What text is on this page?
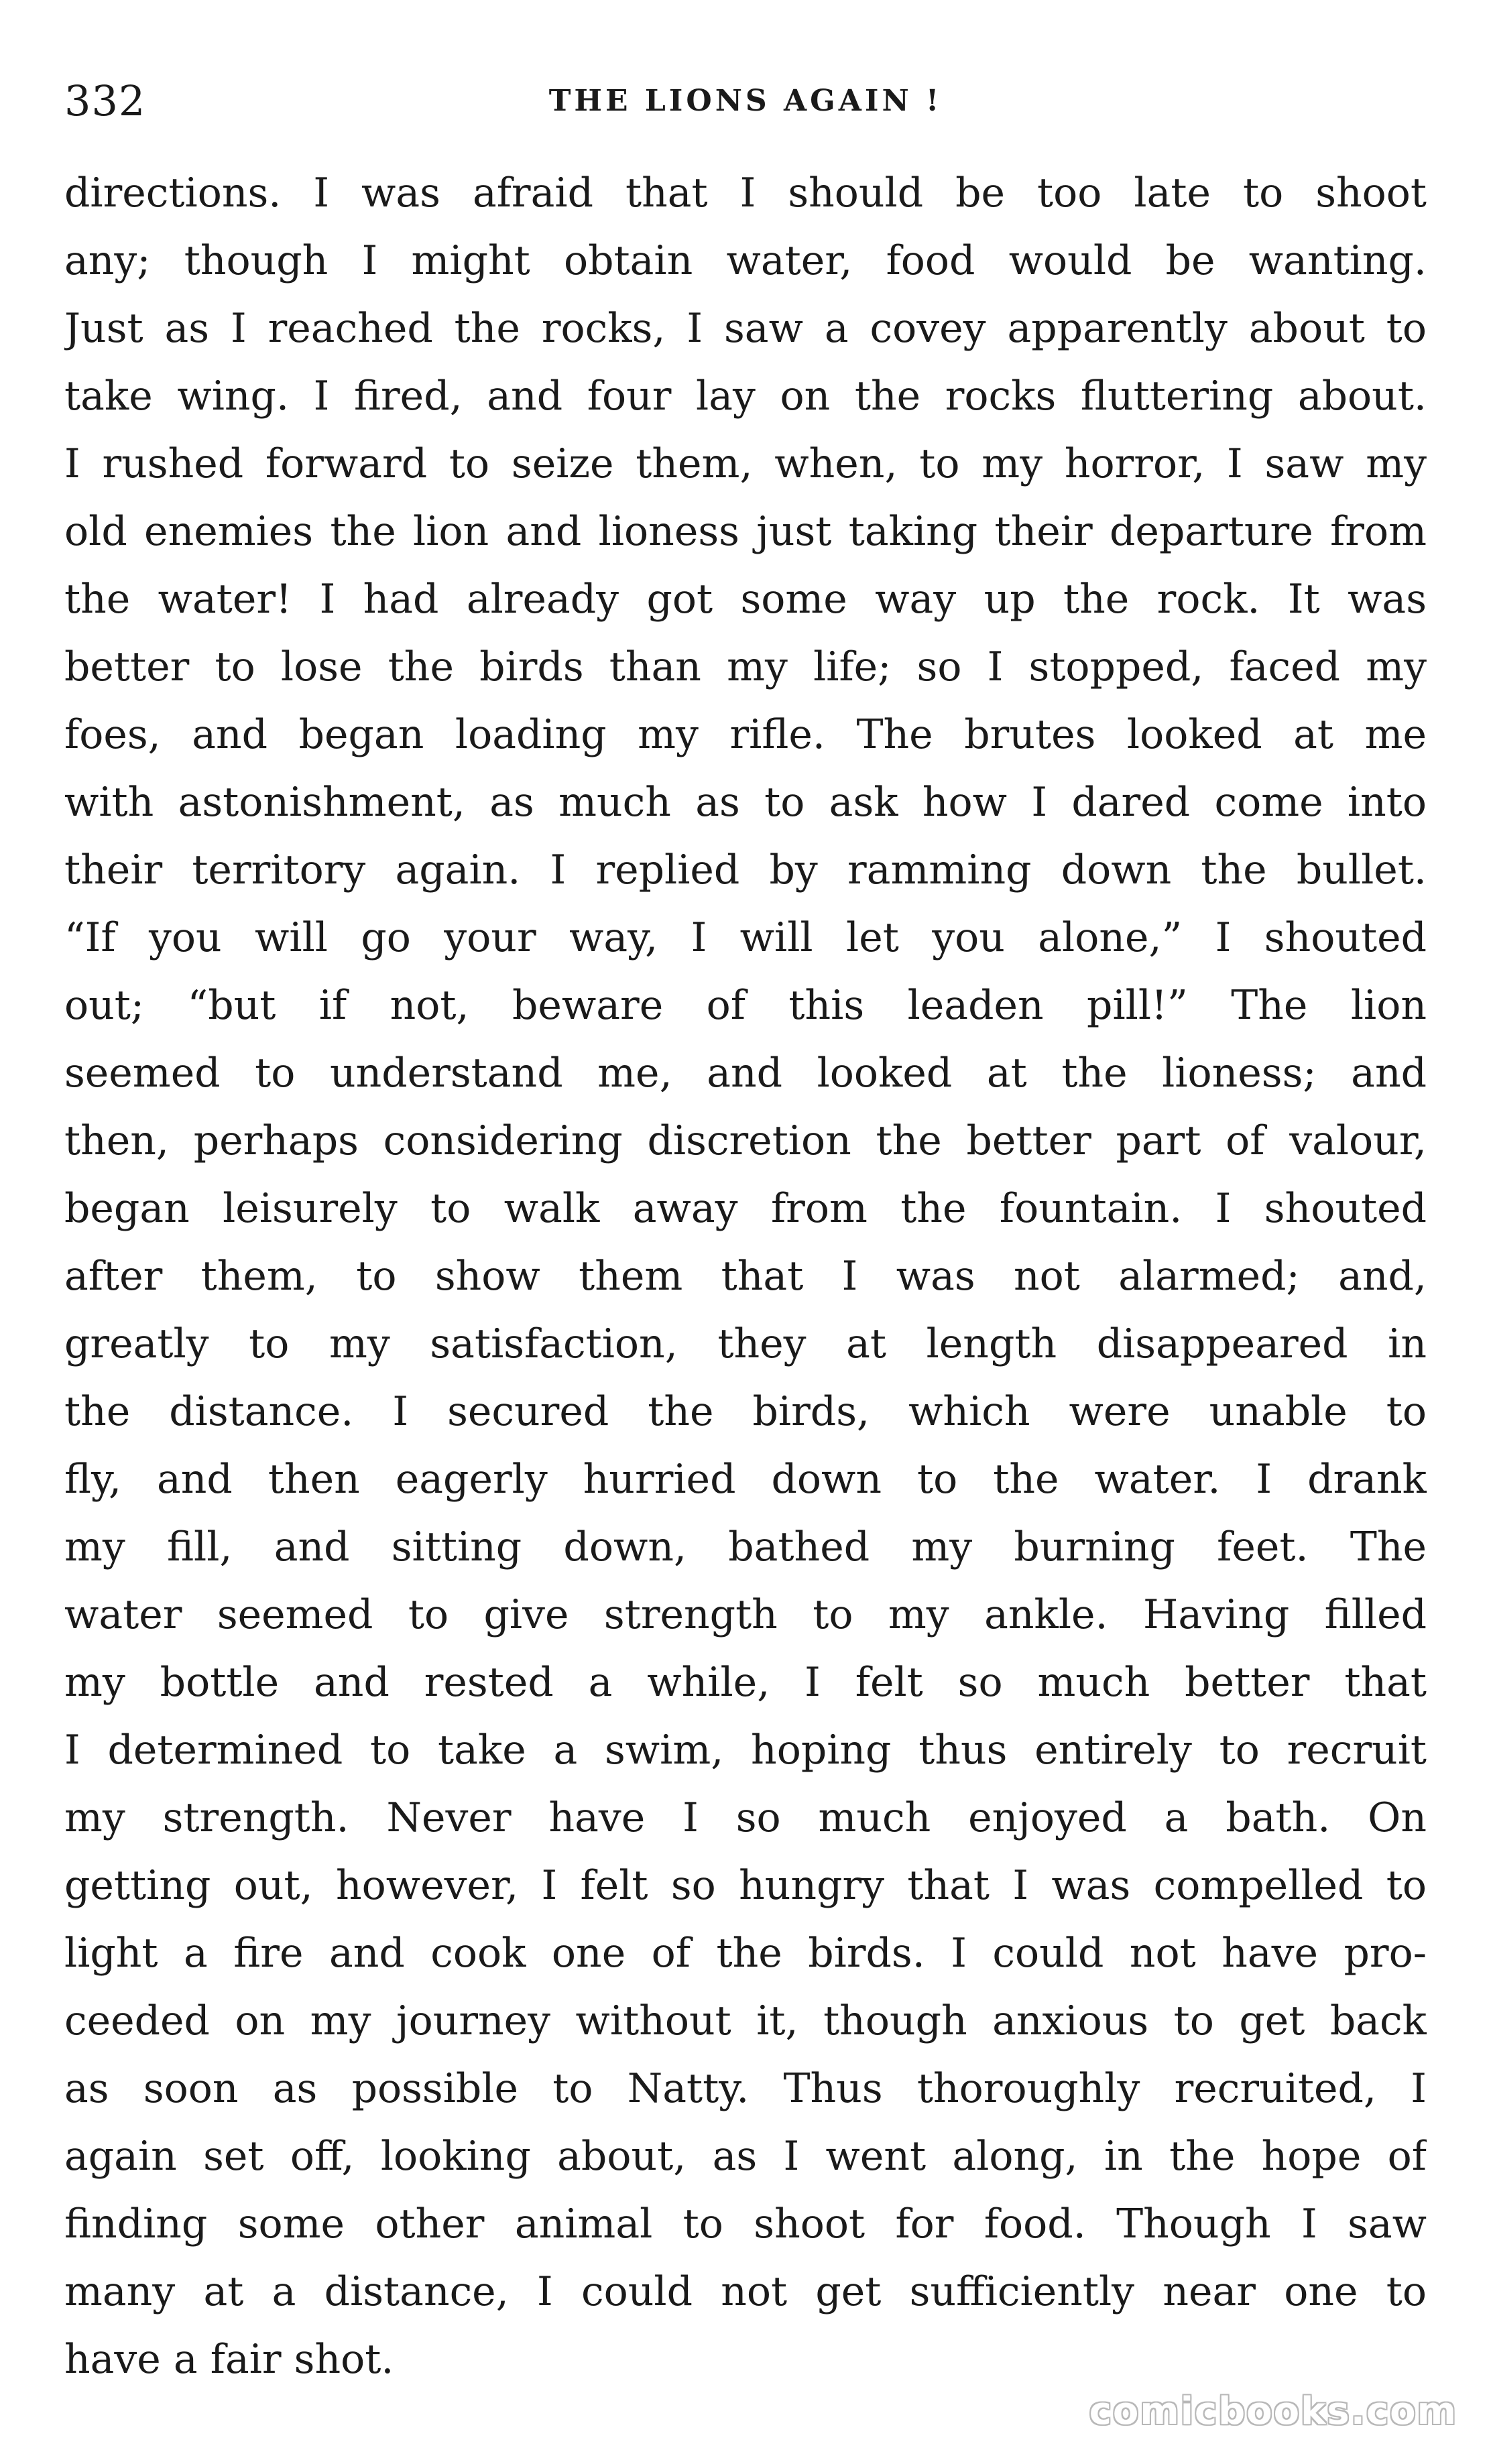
332	THE LIONS AGAIN !
directions. I was afraid that I should be too late to shoot
any; though I might obtain water, food would be wanting.
Just as I reached the rocks, I saw a covey apparently about to
take wing. I fired, and four lay on the rocks fluttering about.
I rushed forward to seize them, when, to my horror, I saw my
old enemies the lion and lioness just taking their departure from
the water! I had already got some way up the rock. It was
better to lose the birds than my life; so I stopped, faced my
foes, and began loading my rifle. The brutes looked at me
with astonishment, as much as to ask how I dared come into
their territory again. I replied by ramming down the bullet.
“If you will go your way, I will let you alone,” I shouted
out; “but if not, beware of this leaden pill!” The lion
seemed to understand me, and looked at the lioness; and
then, perhaps considering discretion the better part of valour,
began leisurely to walk away from the fountain. I shouted
after them, to show them that I was not alarmed; and,
greatly to my satisfaction, they at length disappeared in
the distance. I secured the birds, which were unable to
fly, and then eagerly hurried down to the water. I drank
my fill, and sitting down, bathed my burning feet. The
water seemed to give strength to my ankle. Having filled
my bottle and rested a while, I felt so much better that
I determined to take a swim, hoping thus entirely to recruit
my strength. Never have I so much enjoyed a bath. On
getting out, however, I felt so hungry that I was compelled to
light a fire and cook one of the birds. I could not have pro-
ceeded on my journey without it, though anxious to get back
as soon as possible to Natty. Thus thoroughly recruited, I
again set off, looking about, as I went along, in the hope of
finding some other animal to shoot for food. Though I saw
many at a distance, I could not get sufficiently near one to
have a fair shot.
comicbooks.com
